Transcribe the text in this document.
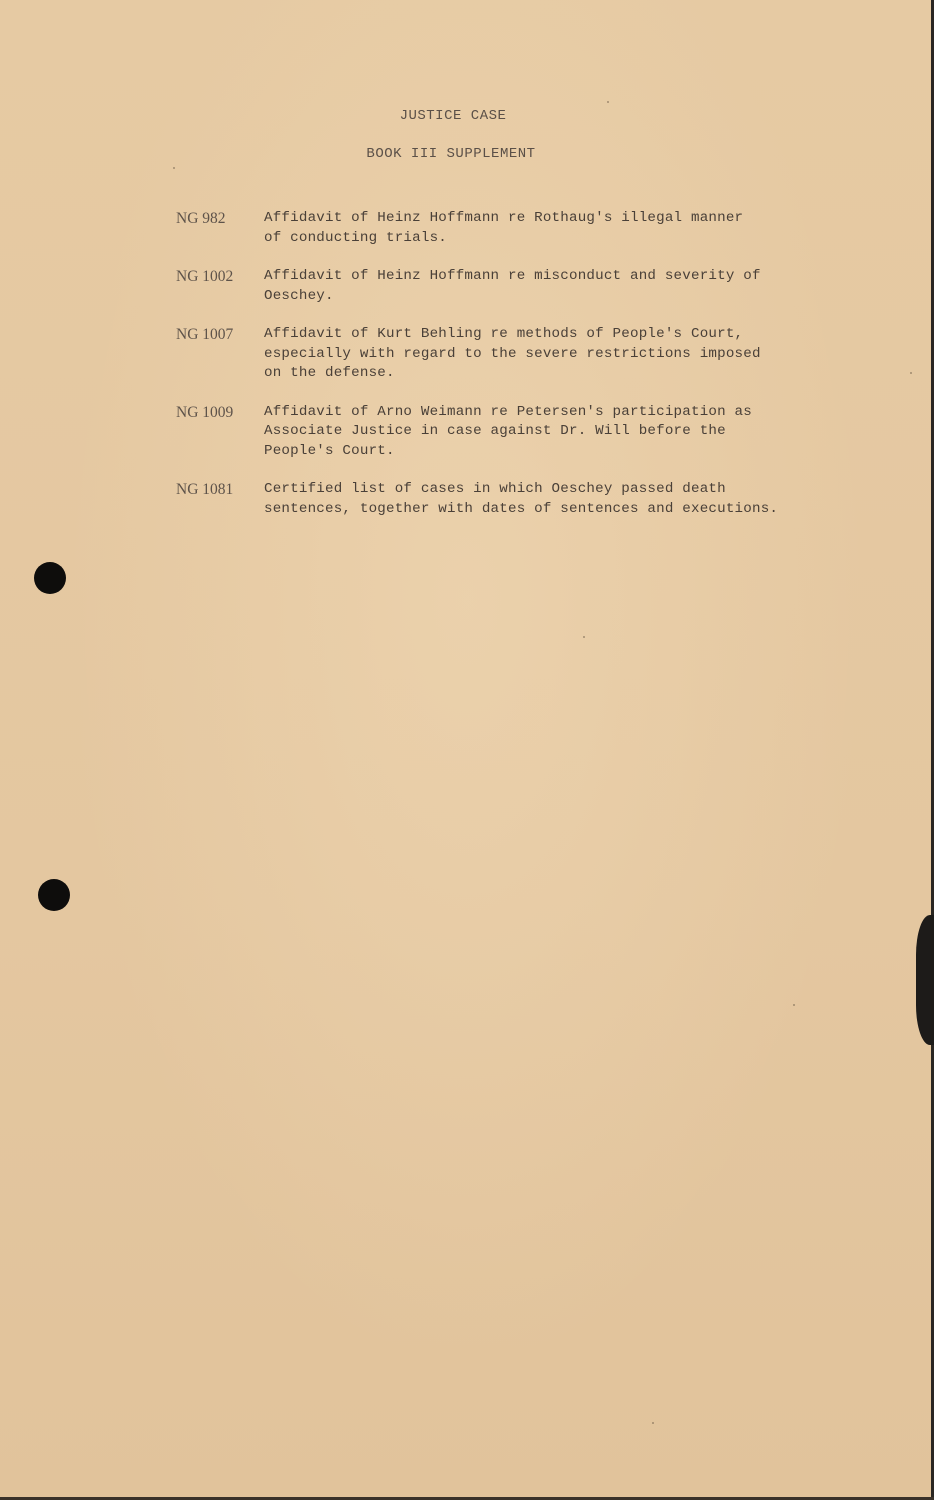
JUSTICE CASE
BOOK III SUPPLEMENT
NG 982	Affidavit of Heinz Hoffmann re Rothaug's illegal manner
of conducting trials.
NG 1002	Affidavit of Heinz Hoffmann re misconduct and severity of
Oeschey.
NG 1007	Affidavit of Kurt Behling re methods of People's Court,
especially with regard to the severe restrictions imposed
on the defense.
NG 1009	Affidavit of Arno Weimann re Petersen's participation as
Associate Justice in case against Dr. Will before the
People's Court.
NG 1081	Certified list of cases in which Oeschey passed death
sentences, together with dates of sentences and executions.
